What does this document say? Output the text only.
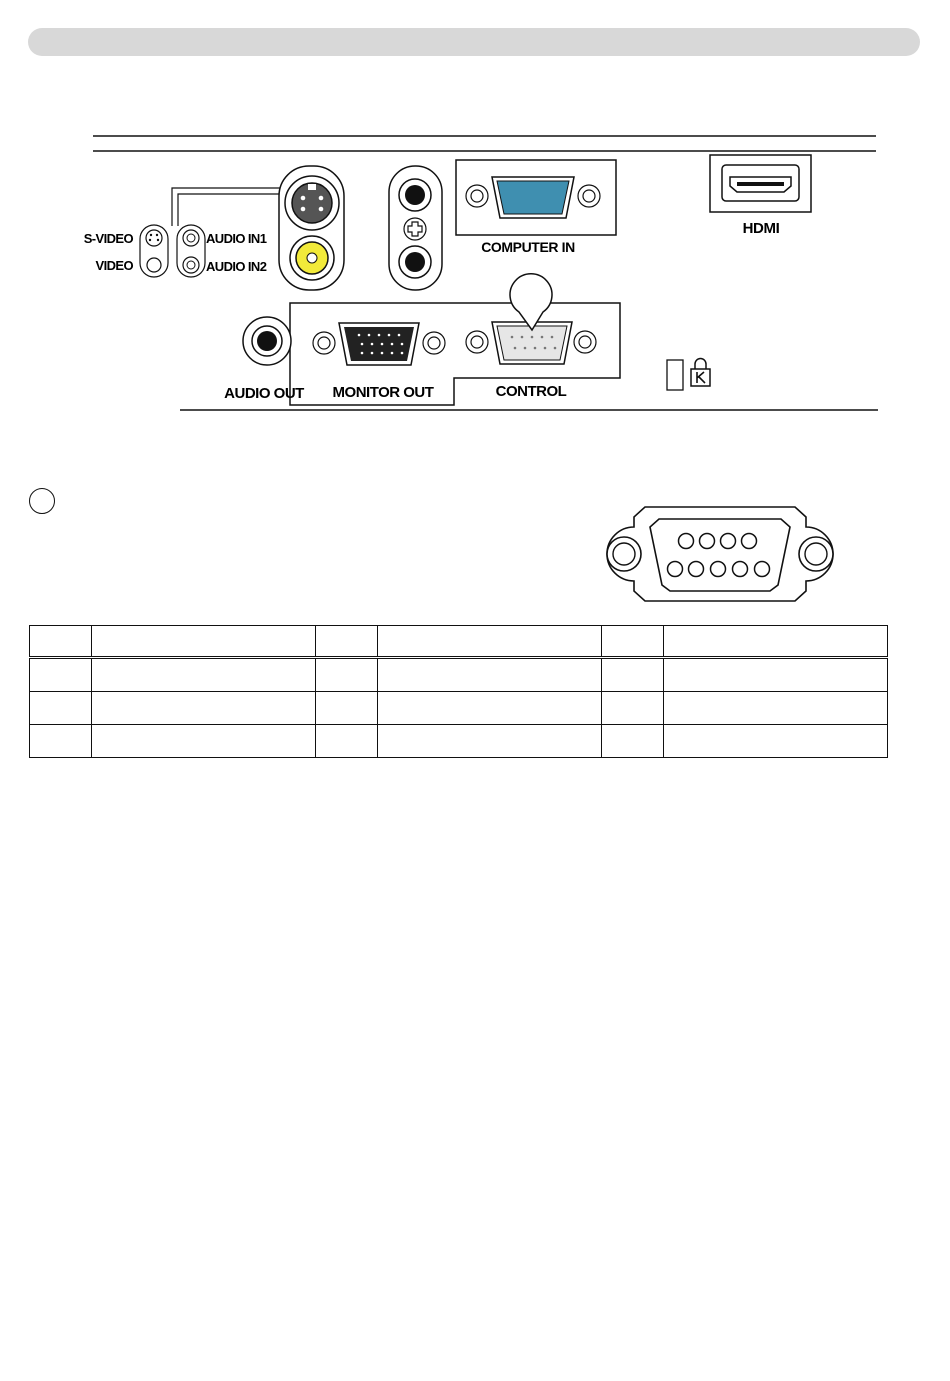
S-VIDEO
VIDEO
AUDIO IN1
AUDIO IN2
COMPUTER IN
HDMI
AUDIO OUT MONITOR OUT	CONTROL
